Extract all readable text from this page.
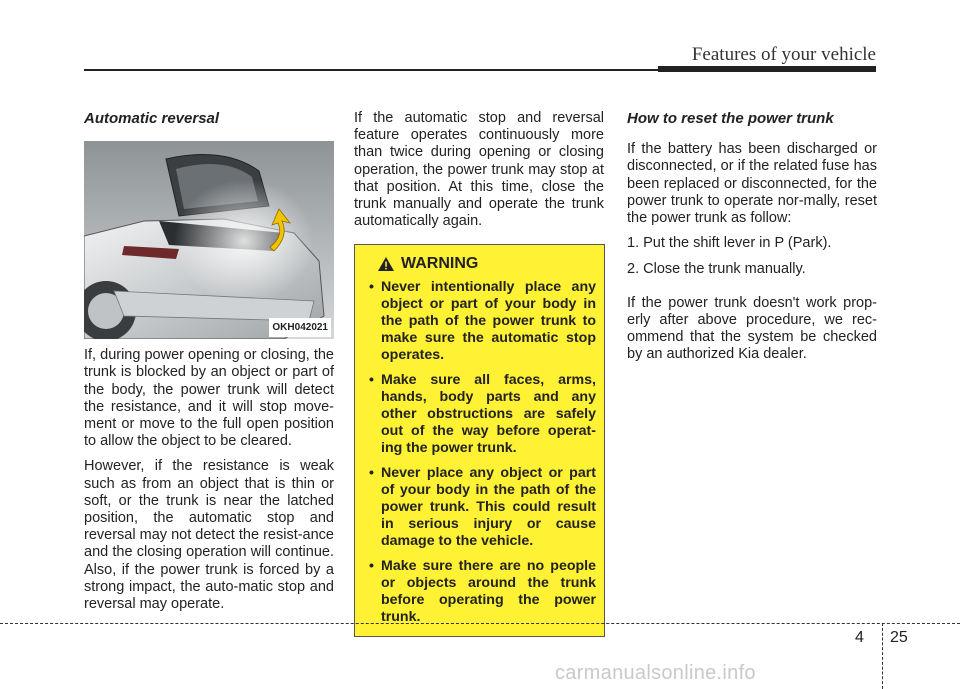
Features of your vehicle
Automatic reversal
OKH042021

If, during power opening or closing, the trunk is blocked by an object or part of the body, the power trunk will detect the resistance, and it will stop move-ment or move to the full open position to allow the object to be cleared.

However, if the resistance is weak such as from an object that is thin or soft, or the trunk is near the latched position, the automatic stop and reversal may not detect the resist-ance and the closing operation will continue. Also, if the power trunk is forced by a strong impact, the auto-matic stop and reversal may operate.

If the automatic stop and reversal feature operates continuously more than twice during opening or closing operation, the power trunk may stop at that position. At this time, close the trunk manually and operate the trunk automatically again.

WARNING
• Never intentionally place any object or part of your body in the path of the power trunk to make sure the automatic stop operates.
• Make sure all faces, arms, hands, body parts and any other obstructions are safely out of the way before operat-ing the power trunk.
• Never place any object or part of your body in the path of the power trunk. This could result in serious injury or cause damage to the vehicle.
• Make sure there are no people or objects around the trunk before operating the power trunk.
How to reset the power trunk

If the battery has been discharged or disconnected, or if the related fuse has been replaced or disconnected, for the power trunk to operate nor-mally, reset the power trunk as follow:

1. Put the shift lever in P (Park).

2. Close the trunk manually.

If the power trunk doesn't work prop-erly after above procedure, we rec-ommend that the system be checked by an authorized Kia dealer.

4 25
carmanualsonline.info
